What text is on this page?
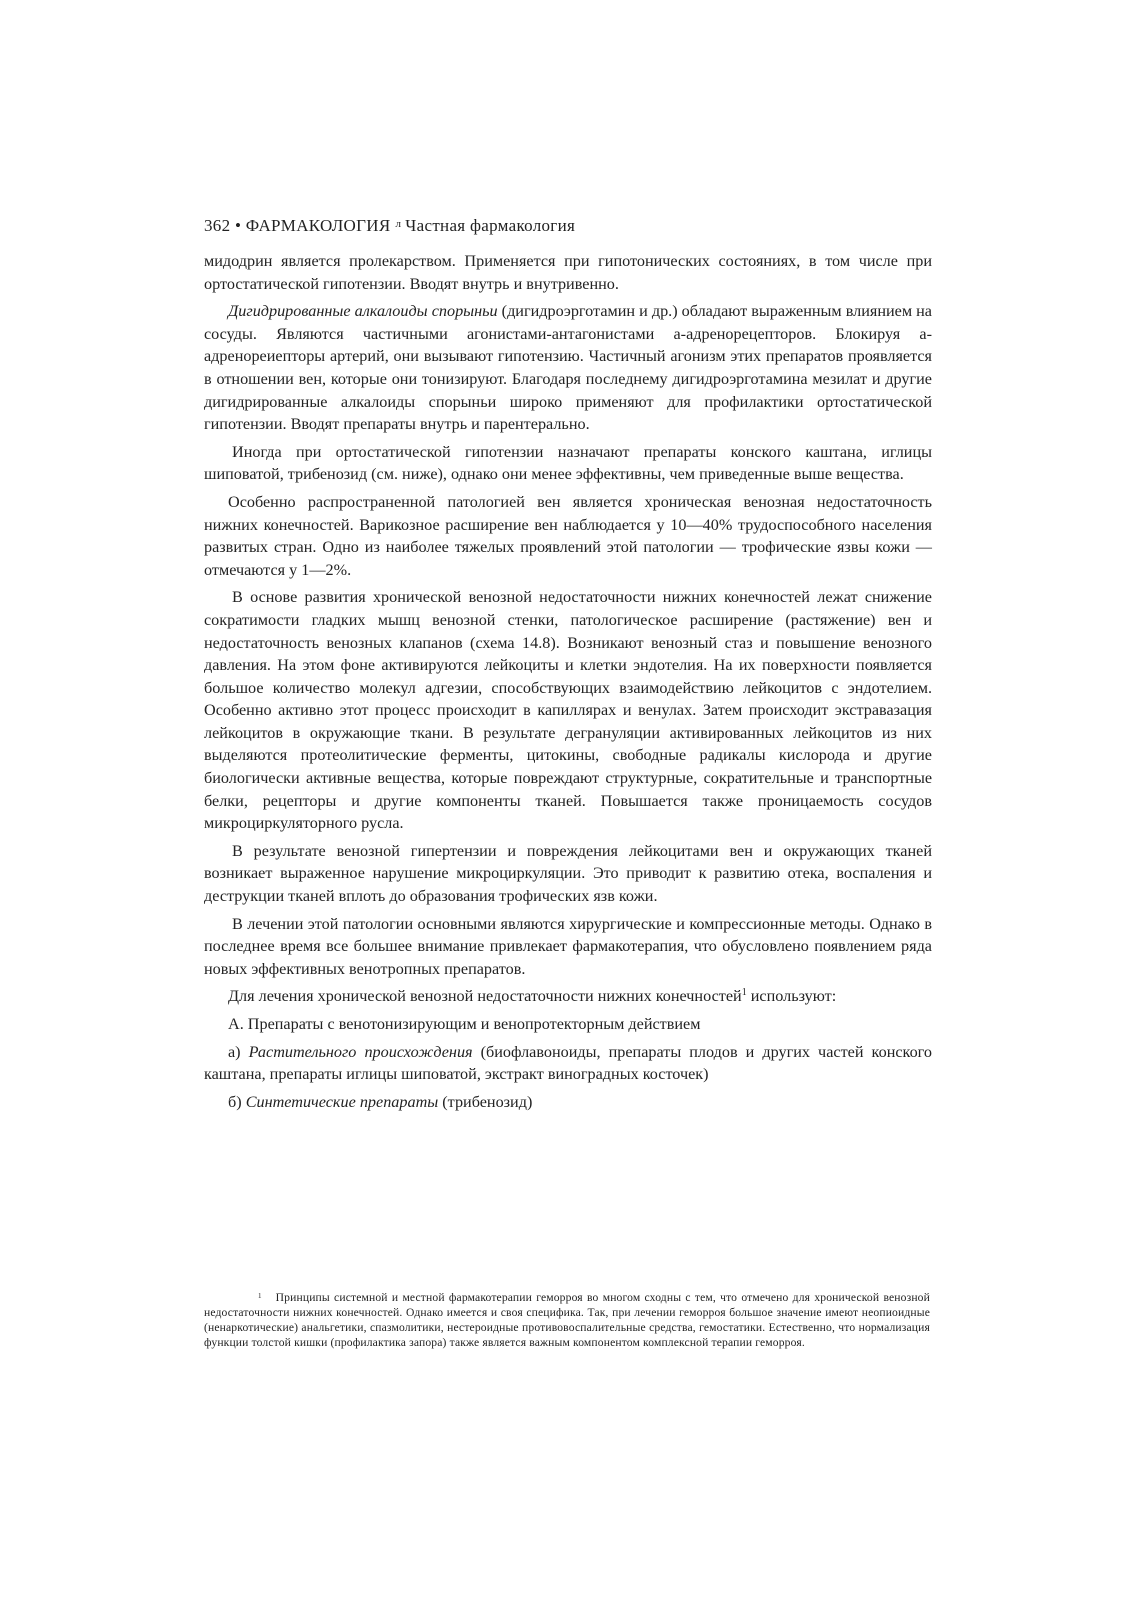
362 • ФАРМАКОЛОГИЯ $^л$ Частная фармакология

мидодрин является пролекарством. Применяется при гипотонических состояниях, в том числе при ортостатической гипотензии. Вводят внутрь и внутривенно.

Дигидрированные алкалоиды спорыньи (дигидроэрготамин и др.) обладают выраженным влиянием на сосуды. Являются частичными агонистами-антагонистами а-адренорецепторов. Блокируя а-адренореиепторы артерий, они вызывают гипотензию. Частичный агонизм этих препаратов проявляется в отношении вен, которые они тонизируют. Благодаря последнему дигидроэрготамина мезилат и другие дигидрированные алкалоиды спорыньи широко применяют для профилактики ортостатической гипотензии. Вводят препараты внутрь и парентерально.

Иногда при ортостатической гипотензии назначают препараты конского каштана, иглицы шиповатой, трибенозид (см. ниже), однако они менее эффективны, чем приведенные выше вещества.

Особенно распространенной патологией вен является хроническая венозная недостаточность нижних конечностей. Варикозное расширение вен наблюдается у 10—40% трудоспособного населения развитых стран. Одно из наиболее тяжелых проявлений этой патологии — трофические язвы кожи — отмечаются у 1—2%.

В основе развития хронической венозной недостаточности нижних конечностей лежат снижение сократимости гладких мышц венозной стенки, патологическое расширение (растяжение) вен и недостаточность венозных клапанов (схема 14.8). Возникают венозный стаз и повышение венозного давления. На этом фоне активируются лейкоциты и клетки эндотелия. На их поверхности появляется большое количество молекул адгезии, способствующих взаимодействию лейкоцитов с эндотелием. Особенно активно этот процесс происходит в капиллярах и венулах. Затем происходит экстравазация лейкоцитов в окружающие ткани. В результате дегрануляции активированных лейкоцитов из них выделяются протеолитические ферменты, цитокины, свободные радикалы кислорода и другие биологически активные вещества, которые повреждают структурные, сократительные и транспортные белки, рецепторы и другие компоненты тканей. Повышается также проницаемость сосудов микроциркуляторного русла.

В результате венозной гипертензии и повреждения лейкоцитами вен и окружающих тканей возникает выраженное нарушение микроциркуляции. Это приводит к развитию отека, воспаления и деструкции тканей вплоть до образования трофических язв кожи.

В лечении этой патологии основными являются хирургические и компрессионные методы. Однако в последнее время все большее внимание привлекает фармакотерапия, что обусловлено появлением ряда новых эффективных венотропных препаратов.

Для лечения хронической венозной недостаточности нижних конечностей$^1$ используют:

А. Препараты с венотонизирующим и венопротекторным действием

а) Растительного происхождения (биофлавоноиды, препараты плодов и других частей конского каштана, препараты иглицы шиповатой, экстракт виноградных косточек)

б) Синтетические препараты (трибенозид)

$^1$ Принципы системной и местной фармакотерапии геморроя во многом сходны с тем, что отмечено для хронической венозной недостаточности нижних конечностей. Однако имеется и своя специфика. Так, при лечении геморроя большое значение имеют неопиоидные (ненаркотические) анальгетики, спазмолитики, нестероидные противовоспалительные средства, гемостатики. Естественно, что нормализация функции толстой кишки (профилактика запора) также является важным компонентом комплексной терапии геморроя.
